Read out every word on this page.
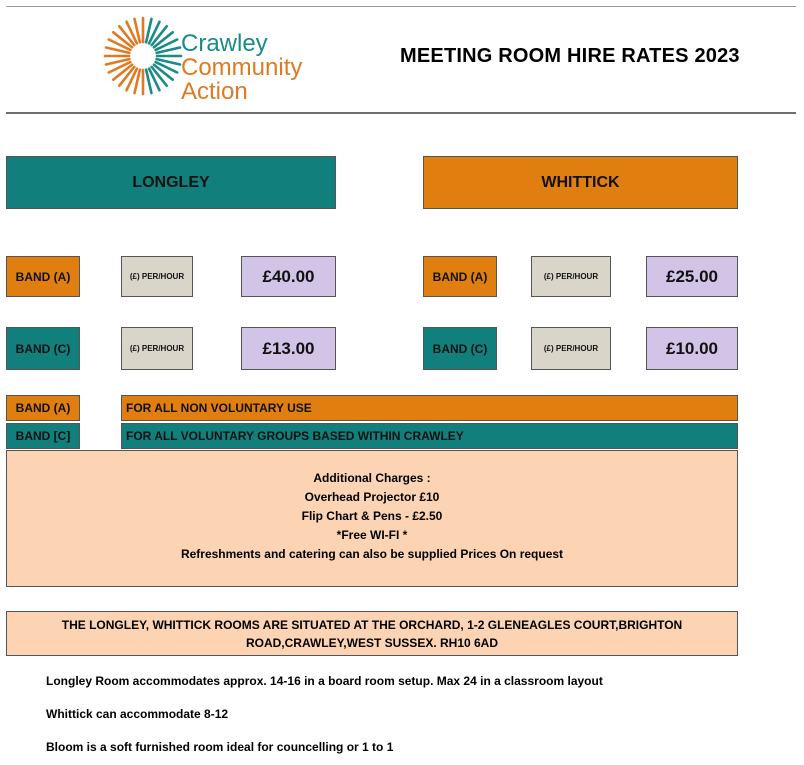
Crawley
Community
Action
MEETING ROOM HIRE RATES 2023
LONGLEY	WHITTICK
BAND (A)	(£) PER/HOUR	£40.00	BAND (A)	(£) PER/HOUR	£25.00
BAND (C)	(£) PER/HOUR	£13.00	BAND (C)	(£) PER/HOUR	£10.00
BAND (A)	FOR ALL NON VOLUNTARY USE
BAND [C]	FOR ALL VOLUNTARY GROUPS BASED WITHIN CRAWLEY
Additional Charges :
Overhead Projector £10
Flip Chart & Pens - £2.50
*Free WI-FI *
Refreshments and catering can also be supplied Prices On request
THE LONGLEY, WHITTICK ROOMS ARE SITUATED AT THE ORCHARD, 1-2 GLENEAGLES COURT,BRIGHTON
ROAD,CRAWLEY,WEST SUSSEX. RH10 6AD
Longley Room accommodates approx. 14-16 in a board room setup. Max 24 in a classroom layout
Whittick can accommodate 8-12
Bloom is a soft furnished room ideal for councelling or 1 to 1
